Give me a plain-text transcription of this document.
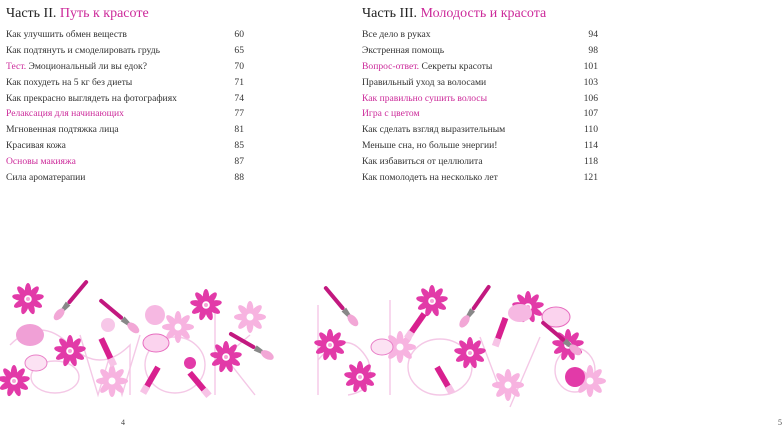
Часть II. Путь к красоте
Как улучшить обмен веществ	60
Как подтянуть и смоделировать грудь	65
Тест. Эмоциональный ли вы едок?	70
Как похудеть на 5 кг без диеты	71
Как прекрасно выглядеть на фотографиях	74
Релаксация для начинающих	77
Мгновенная подтяжка лица	81
Красивая кожа	85
Основы макияжа	87
Сила ароматерапии	88
4
Часть III. Молодость и красота
Все дело в руках	94
Экстренная помощь	98
Вопрос-ответ. Секреты красоты	101
Правильный уход за волосами	103
Как правильно сушить волосы	106
Игра с цветом	107
Как сделать взгляд выразительным	110
Меньше сна, но больше энергии!	114
Как избавиться от целлюлита	118
Как помолодеть на несколько лет	121
5
